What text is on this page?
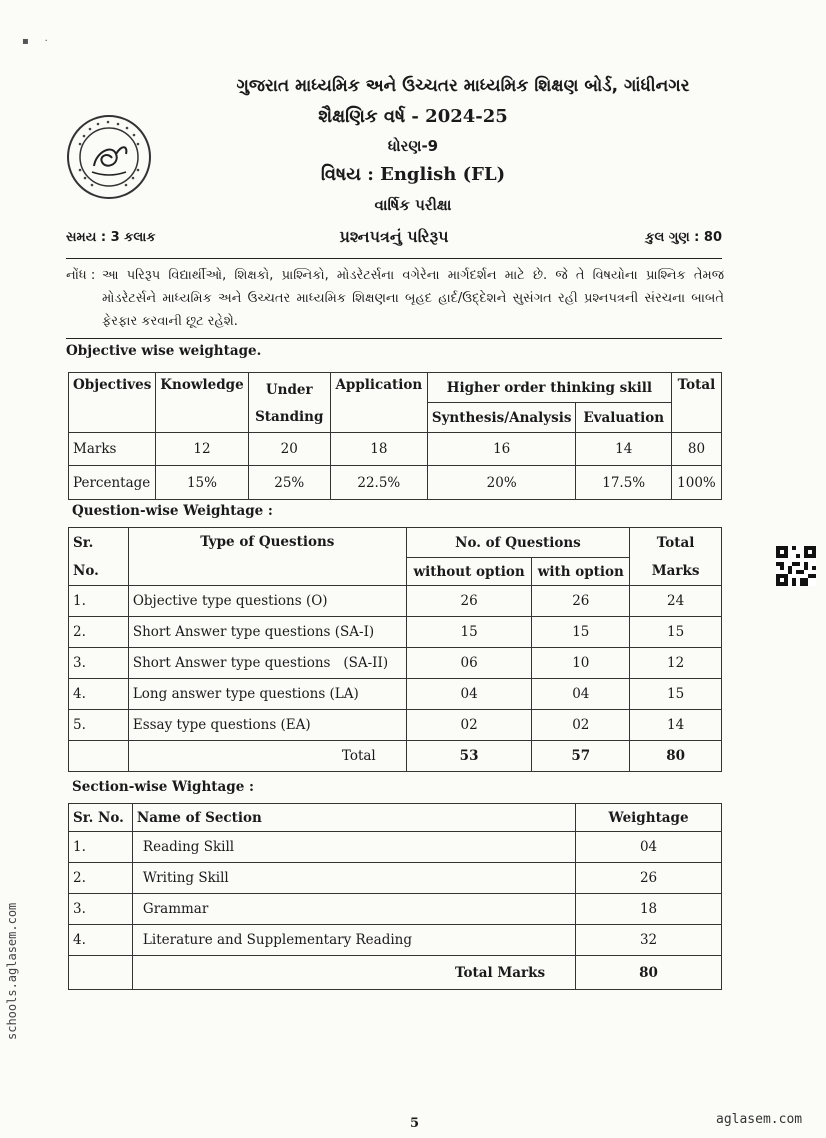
▪     ·
ગુજરાત માધ્યમિક અને ઉચ્ચતર માધ્યમિક શિક્ષણ બોર્ડ, ગાંધીનગર
શૈક્ષણિક વર્ષ - 2024-25
ધોરણ-9
વિષય : English (FL)
વાર્ષિક પરીક્ષા
સમય : 3 કલાક	પ્રશ્નપત્રનું પરિરૂપ	કુલ ગુણ : 80
નોંધ : આ પરિરૂપ વિદ્યાર્થીઓ, શિક્ષકો, પ્રાશ્નિકો, મોડરેટર્સના વગેરેના માર્ગદર્શન માટે છે. જે તે વિષયોના પ્રાશ્નિક તેમજ મોડરેટર્સને માધ્યમિક અને ઉચ્ચતર માધ્યમિક શિક્ષણના બૃહદ હાર્દ/ઉદ્દેશને સુસંગત રહી પ્રશ્નપત્રની સંરચના બાબતે ફેરફાર કરવાની છૂટ રહેશે.
Objective wise weightage.
Objectives	Knowledge	Under	Application	Higher order thinking skill		Total
		Standing		Synthesis/Analysis	Evaluation	
Marks	12	20	18	16	14	80
Percentage	15%	25%	22.5%	20%	17.5%	100%
Question-wise Weightage :
Sr.	Type of Questions	No. of Questions		Total
No.		without option	with option	Marks
1.	Objective type questions (O)	26	26	24
2.	Short Answer type questions (SA-I)	15	15	15
3.	Short Answer type questions   (SA-II)	06	10	12
4.	Long answer type questions (LA)	04	04	15
5.	Essay type questions (EA)	02	02	14
	Total	53	57	80
Section-wise Wightage :
Sr. No.	Name of Section	Weightage
1.	Reading Skill	04
2.	Writing Skill	26
3.	Grammar	18
4.	Literature and Supplementary Reading	32
	Total Marks	80
schools.aglasem.com
5	aglasem.com
